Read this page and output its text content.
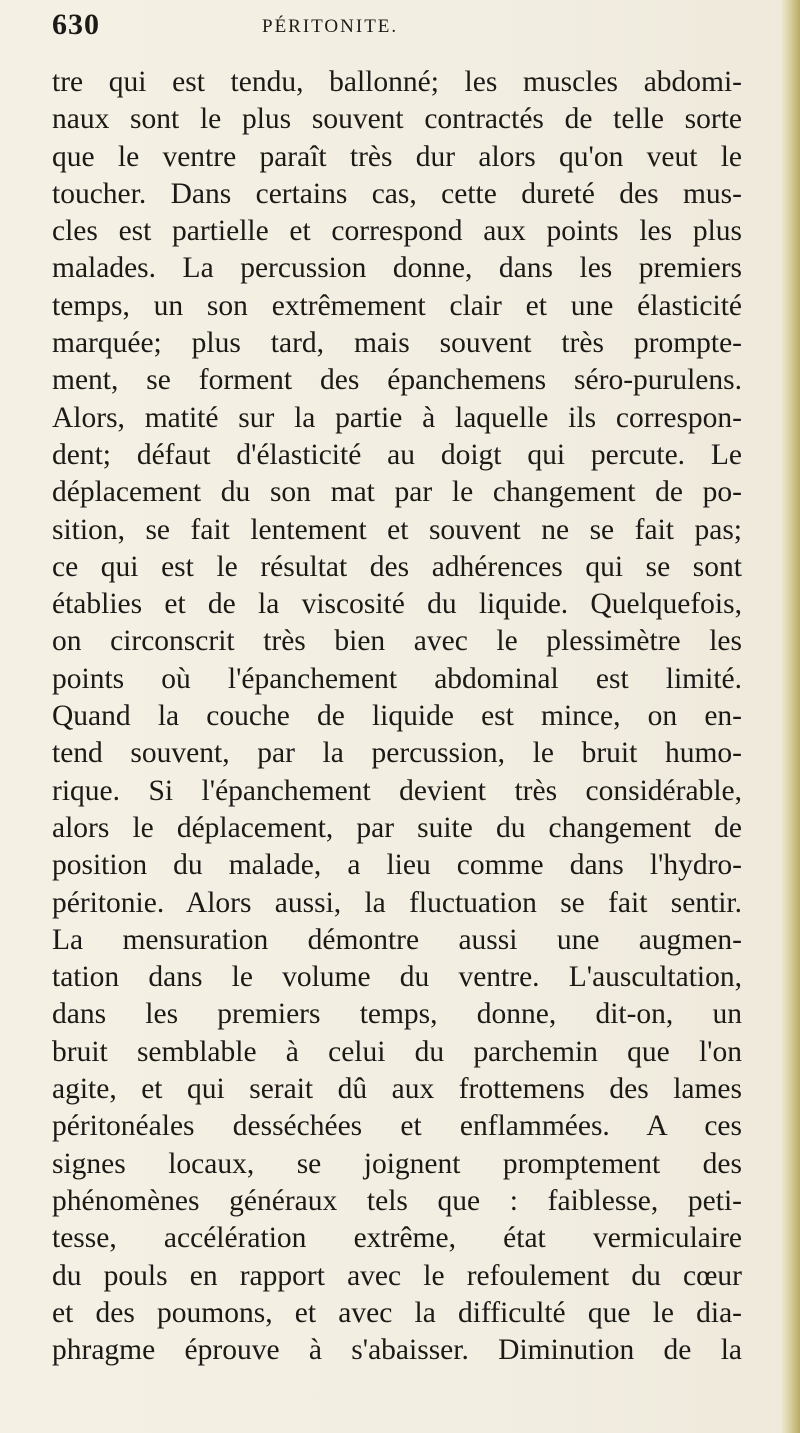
630	PÉRITONITE.
tre qui est tendu, ballonné; les muscles abdomi-
naux sont le plus souvent contractés de telle sorte
que le ventre paraît très dur alors qu'on veut le
toucher. Dans certains cas, cette dureté des mus-
cles est partielle et correspond aux points les plus
malades. La percussion donne, dans les premiers
temps, un son extrêmement clair et une élasticité
marquée; plus tard, mais souvent très prompte-
ment, se forment des épanchemens séro-purulens.
Alors, matité sur la partie à laquelle ils correspon-
dent; défaut d'élasticité au doigt qui percute. Le
déplacement du son mat par le changement de po-
sition, se fait lentement et souvent ne se fait pas;
ce qui est le résultat des adhérences qui se sont
établies et de la viscosité du liquide. Quelquefois,
on circonscrit très bien avec le plessimètre les
points où l'épanchement abdominal est limité.
Quand la couche de liquide est mince, on en-
tend souvent, par la percussion, le bruit humo-
rique. Si l'épanchement devient très considérable,
alors le déplacement, par suite du changement de
position du malade, a lieu comme dans l'hydro-
péritonie. Alors aussi, la fluctuation se fait sentir.
La mensuration démontre aussi une augmen-
tation dans le volume du ventre. L'auscultation,
dans les premiers temps, donne, dit-on, un
bruit semblable à celui du parchemin que l'on
agite, et qui serait dû aux frottemens des lames
péritonéales desséchées et enflammées. A ces
signes locaux, se joignent promptement des
phénomènes généraux tels que : faiblesse, peti-
tesse, accélération extrême, état vermiculaire
du pouls en rapport avec le refoulement du cœur
et des poumons, et avec la difficulté que le dia-
phragme éprouve à s'abaisser. Diminution de la
